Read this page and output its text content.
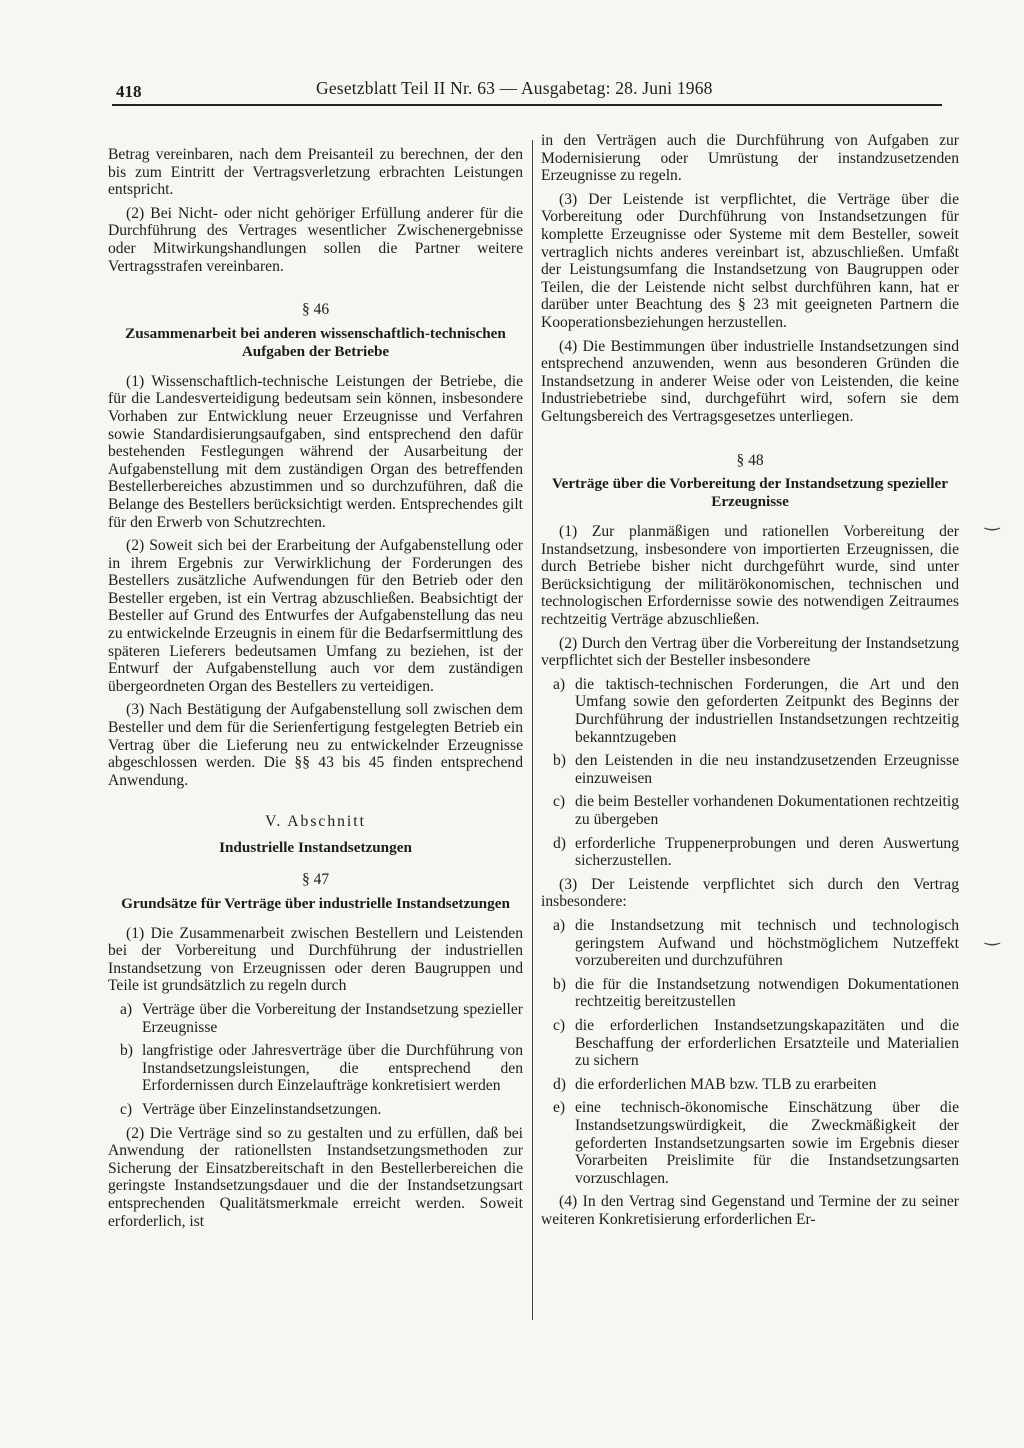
418	Gesetzblatt Teil II Nr. 63 — Ausgabetag: 28. Juni 1968

Betrag vereinbaren, nach dem Preisanteil zu berechnen, der den bis zum Eintritt der Vertragsverletzung erbrachten Leistungen entspricht.

(2) Bei Nicht- oder nicht gehöriger Erfüllung anderer für die Durchführung des Vertrages wesentlicher Zwischenergebnisse oder Mitwirkungshandlungen sollen die Partner weitere Vertragsstrafen vereinbaren.

§ 46
Zusammenarbeit bei anderen wissenschaftlich-technischen Aufgaben der Betriebe

(1) Wissenschaftlich-technische Leistungen der Betriebe, die für die Landesverteidigung bedeutsam sein können, insbesondere Vorhaben zur Entwicklung neuer Erzeugnisse und Verfahren sowie Standardisierungsaufgaben, sind entsprechend den dafür bestehenden Festlegungen während der Ausarbeitung der Aufgabenstellung mit dem zuständigen Organ des betreffenden Bestellerbereiches abzustimmen und so durchzuführen, daß die Belange des Bestellers berücksichtigt werden. Entsprechendes gilt für den Erwerb von Schutzrechten.

(2) Soweit sich bei der Erarbeitung der Aufgabenstellung oder in ihrem Ergebnis zur Verwirklichung der Forderungen des Bestellers zusätzliche Aufwendungen für den Betrieb oder den Besteller ergeben, ist ein Vertrag abzuschließen. Beabsichtigt der Besteller auf Grund des Entwurfes der Aufgabenstellung das neu zu entwickelnde Erzeugnis in einem für die Bedarfsermittlung des späteren Lieferers bedeutsamen Umfang zu beziehen, ist der Entwurf der Aufgabenstellung auch vor dem zuständigen übergeordneten Organ des Bestellers zu verteidigen.

(3) Nach Bestätigung der Aufgabenstellung soll zwischen dem Besteller und dem für die Serienfertigung festgelegten Betrieb ein Vertrag über die Lieferung neu zu entwickelnder Erzeugnisse abgeschlossen werden. Die §§ 43 bis 45 finden entsprechend Anwendung.

V. Abschnitt
Industrielle Instandsetzungen
§ 47
Grundsätze für Verträge über industrielle Instandsetzungen

(1) Die Zusammenarbeit zwischen Bestellern und Leistenden bei der Vorbereitung und Durchführung der industriellen Instandsetzung von Erzeugnissen oder deren Baugruppen und Teile ist grundsätzlich zu regeln durch

a) Verträge über die Vorbereitung der Instandsetzung spezieller Erzeugnisse
b) langfristige oder Jahresverträge über die Durchführung von Instandsetzungsleistungen, die entsprechend den Erfordernissen durch Einzelaufträge konkretisiert werden
c) Verträge über Einzelinstandsetzungen.

(2) Die Verträge sind so zu gestalten und zu erfüllen, daß bei Anwendung der rationellsten Instandsetzungsmethoden zur Sicherung der Einsatzbereitschaft in den Bestellerbereichen die geringste Instandsetzungsdauer und die der Instandsetzungsart entsprechenden Qualitätsmerkmale erreicht werden. Soweit erforderlich, ist

in den Verträgen auch die Durchführung von Aufgaben zur Modernisierung oder Umrüstung der instandzusetzenden Erzeugnisse zu regeln.

(3) Der Leistende ist verpflichtet, die Verträge über die Vorbereitung oder Durchführung von Instandsetzungen für komplette Erzeugnisse oder Systeme mit dem Besteller, soweit vertraglich nichts anderes vereinbart ist, abzuschließen. Umfaßt der Leistungsumfang die Instandsetzung von Baugruppen oder Teilen, die der Leistende nicht selbst durchführen kann, hat er darüber unter Beachtung des § 23 mit geeigneten Partnern die Kooperationsbeziehungen herzustellen.

(4) Die Bestimmungen über industrielle Instandsetzungen sind entsprechend anzuwenden, wenn aus besonderen Gründen die Instandsetzung in anderer Weise oder von Leistenden, die keine Industriebetriebe sind, durchgeführt wird, sofern sie dem Geltungsbereich des Vertragsgesetzes unterliegen.

§ 48
Verträge über die Vorbereitung der Instandsetzung spezieller Erzeugnisse

(1) Zur planmäßigen und rationellen Vorbereitung der Instandsetzung, insbesondere von importierten Erzeugnissen, die durch Betriebe bisher nicht durchgeführt wurde, sind unter Berücksichtigung der militärökonomischen, technischen und technologischen Erfordernisse sowie des notwendigen Zeitraumes rechtzeitig Verträge abzuschließen.

(2) Durch den Vertrag über die Vorbereitung der Instandsetzung verpflichtet sich der Besteller insbesondere

a) die taktisch-technischen Forderungen, die Art und den Umfang sowie den geforderten Zeitpunkt des Beginns der Durchführung der industriellen Instandsetzungen rechtzeitig bekanntzugeben
b) den Leistenden in die neu instandzusetzenden Erzeugnisse einzuweisen
c) die beim Besteller vorhandenen Dokumentationen rechtzeitig zu übergeben
d) erforderliche Truppenerprobungen und deren Auswertung sicherzustellen.

(3) Der Leistende verpflichtet sich durch den Vertrag insbesondere:

a) die Instandsetzung mit technisch und technologisch geringstem Aufwand und höchstmöglichem Nutzeffekt vorzubereiten und durchzuführen
b) die für die Instandsetzung notwendigen Dokumentationen rechtzeitig bereitzustellen
c) die erforderlichen Instandsetzungskapazitäten und die Beschaffung der erforderlichen Ersatzteile und Materialien zu sichern
d) die erforderlichen MAB bzw. TLB zu erarbeiten
e) eine technisch-ökonomische Einschätzung über die Instandsetzungswürdigkeit, die Zweckmäßigkeit der geforderten Instandsetzungsarten sowie im Ergebnis dieser Vorarbeiten Preislimite für die Instandsetzungsarten vorzuschlagen.

(4) In den Vertrag sind Gegenstand und Termine der zu seiner weiteren Konkretisierung erforderlichen Er-

‿
‿
